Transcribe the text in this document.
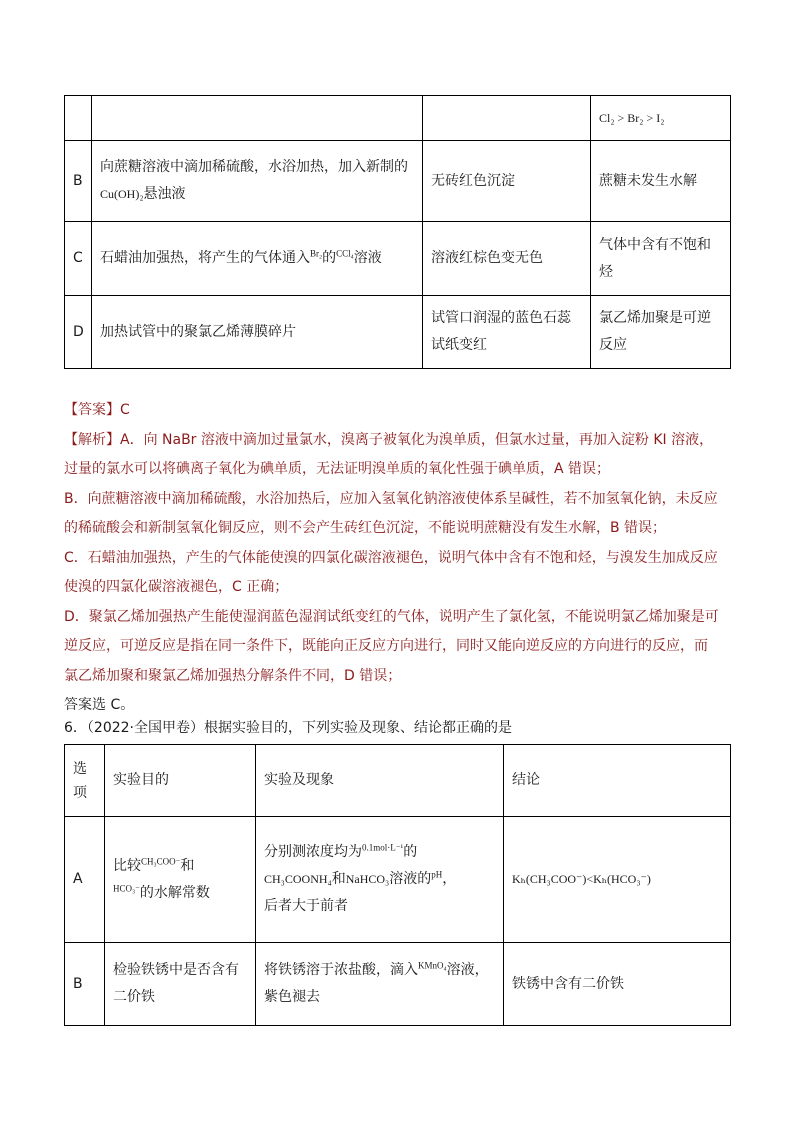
			Cl₂ > Br₂ > I₂
B	向蔗糖溶液中滴加稀硫酸，水浴加热，加入新制的
Cu(OH)₂悬浊液	无砖红色沉淀	蔗糖未发生水解
C	石蜡油加强热，将产生的气体通入$^{Br_2}$的$^{CCl_4}$溶液	溶液红棕色变无色	气体中含有不饱和烃
D	加热试管中的聚氯乙烯薄膜碎片	试管口润湿的蓝色石蕊试纸变红	氯乙烯加聚是可逆反应
【答案】C
【解析】A．向 NaBr 溶液中滴加过量氯水，溴离子被氧化为溴单质，但氯水过量，再加入淀粉 KI 溶液，
过量的氯水可以将碘离子氧化为碘单质，无法证明溴单质的氧化性强于碘单质，A 错误；
B．向蔗糖溶液中滴加稀硫酸，水浴加热后，应加入氢氧化钠溶液使体系呈碱性，若不加氢氧化钠，未反应
的稀硫酸会和新制氢氧化铜反应，则不会产生砖红色沉淀，不能说明蔗糖没有发生水解，B 错误；
C．石蜡油加强热，产生的气体能使溴的四氯化碳溶液褪色，说明气体中含有不饱和烃，与溴发生加成反应
使溴的四氯化碳溶液褪色，C 正确；
D．聚氯乙烯加强热产生能使湿润蓝色湿润试纸变红的气体，说明产生了氯化氢，不能说明氯乙烯加聚是可
逆反应，可逆反应是指在同一条件下，既能向正反应方向进行，同时又能向逆反应的方向进行的反应，而
氯乙烯加聚和聚氯乙烯加强热分解条件不同，D 错误；
答案选 C。
6．（2022·全国甲卷）根据实验目的，下列实验及现象、结论都正确的是
选项	实验目的	实验及现象	结论
A	比较$^{CH_3COO^-}$和
$^{HCO_3^-}$的水解常数	分别测浓度均为$^{0.1mol\cdot L^{-1}}$的
CH₃COONH₄和NaHCO₃溶液的$^{pH}$，
后者大于前者	Kₕ(CH₃COO⁻)<Kₕ(HCO₃⁻)
B	检验铁锈中是否含有二价铁	将铁锈溶于浓盐酸，滴入$^{KMnO_4}$溶液，
紫色褪去	铁锈中含有二价铁
